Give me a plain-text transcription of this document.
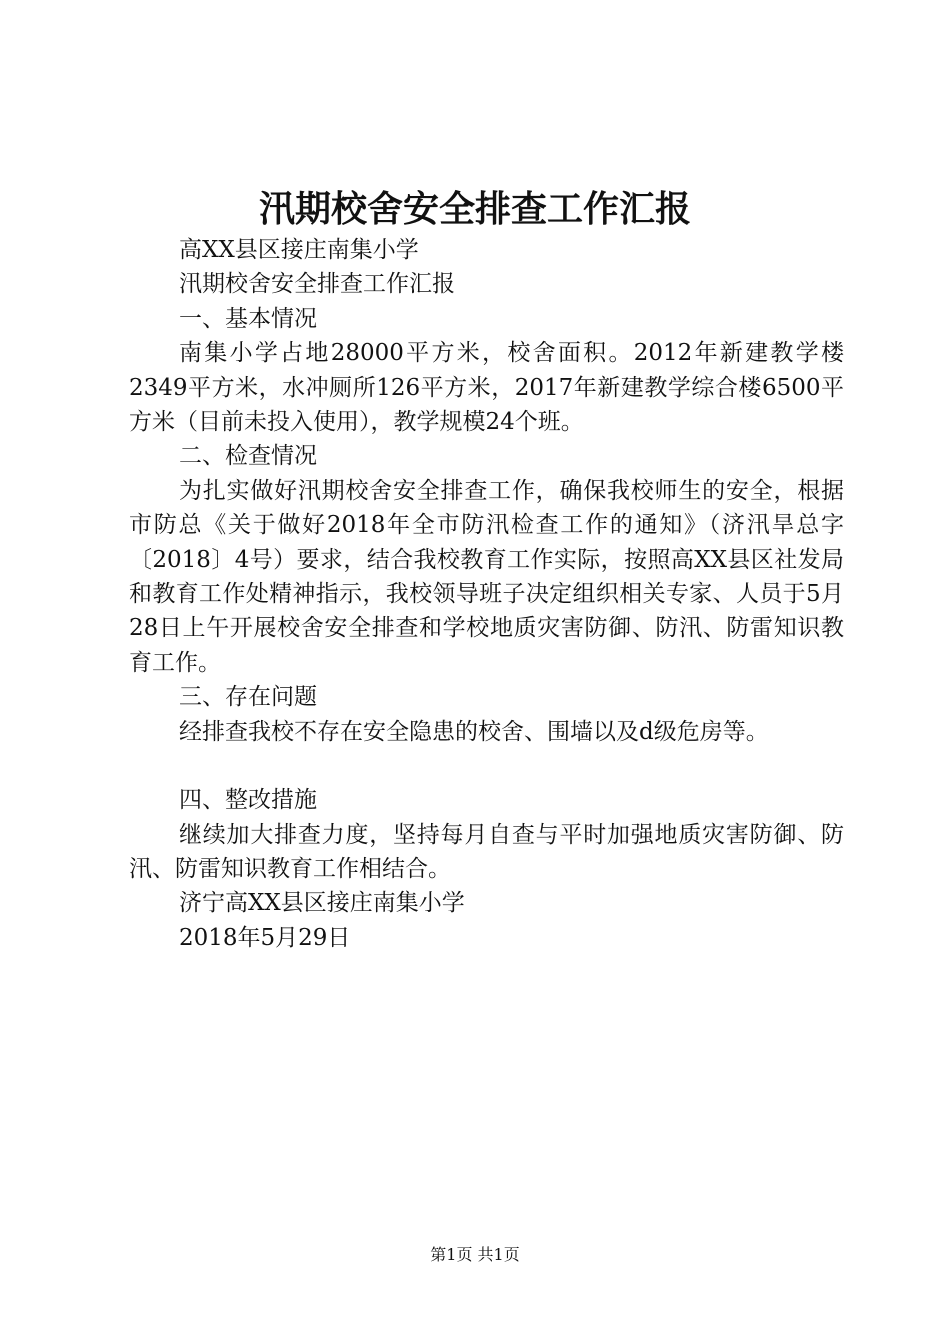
汛期校舍安全排查工作汇报

高XX县区接庄南集小学

汛期校舍安全排查工作汇报

一、基本情况

南集小学占地28000平方米，校舍面积。2012年新建教学楼2349平方米，水冲厕所126平方米，2017年新建教学综合楼6500平方米（目前未投入使用），教学规模24个班。

二、检查情况

为扎实做好汛期校舍安全排查工作，确保我校师生的安全，根据市防总《关于做好2018年全市防汛检查工作的通知》（济汛旱总字〔2018〕4号）要求，结合我校教育工作实际，按照高XX县区社发局和教育工作处精神指示，我校领导班子决定组织相关专家、人员于5月28日上午开展校舍安全排查和学校地质灾害防御、防汛、防雷知识教育工作。

三、存在问题

经排查我校不存在安全隐患的校舍、围墙以及d级危房等。

四、整改措施

继续加大排查力度，坚持每月自查与平时加强地质灾害防御、防汛、防雷知识教育工作相结合。

济宁高XX县区接庄南集小学

2018年5月29日

第1页 共1页
